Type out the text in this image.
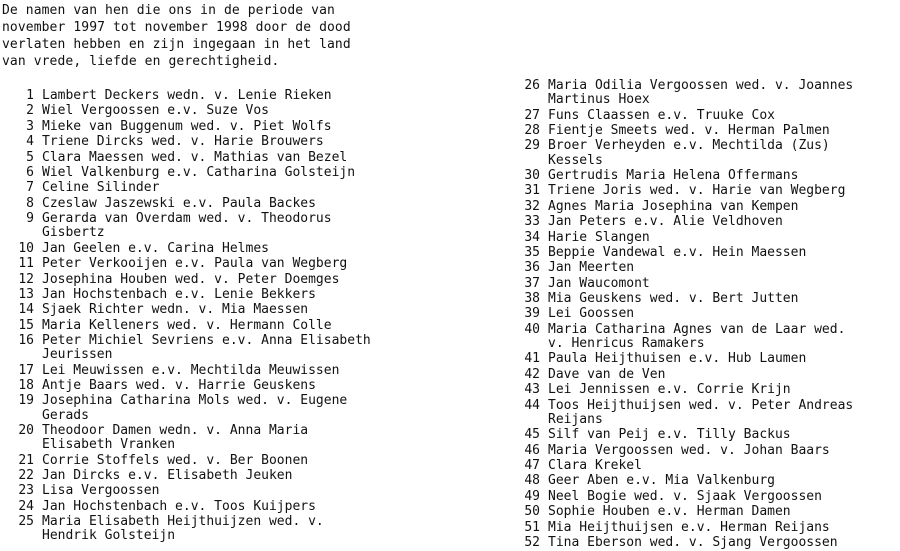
De namen van hen die ons in de periode van
november 1997 tot november 1998 door de dood
verlaten hebben en zijn ingegaan in het land
van vrede, liefde en gerechtigheid.
1 Lambert Deckers wedn. v. Lenie Rieken
2 Wiel Vergoossen e.v. Suze Vos
3 Mieke van Buggenum wed. v. Piet Wolfs
4 Triene Dircks wed. v. Harie Brouwers
5 Clara Maessen wed. v. Mathias van Bezel
6 Wiel Valkenburg e.v. Catharina Golsteijn
7 Celine Silinder
8 Czeslaw Jaszewski e.v. Paula Backes
9 Gerarda van Overdam wed. v. Theodorus
Gisbertz
10 Jan Geelen e.v. Carina Helmes
11 Peter Verkooijen e.v. Paula van Wegberg
12 Josephina Houben wed. v. Peter Doemges
13 Jan Hochstenbach e.v. Lenie Bekkers
14 Sjaek Richter wedn. v. Mia Maessen
15 Maria Kelleners wed. v. Hermann Colle
16 Peter Michiel Sevriens e.v. Anna Elisabeth
Jeurissen
17 Lei Meuwissen e.v. Mechtilda Meuwissen
18 Antje Baars wed. v. Harrie Geuskens
19 Josephina Catharina Mols wed. v. Eugene
Gerads
20 Theodoor Damen wedn. v. Anna Maria
Elisabeth Vranken
21 Corrie Stoffels wed. v. Ber Boonen
22 Jan Dircks e.v. Elisabeth Jeuken
23 Lisa Vergoossen
24 Jan Hochstenbach e.v. Toos Kuijpers
25 Maria Elisabeth Heijthuijzen wed. v.
Hendrik Golsteijn
26 Maria Odilia Vergoossen wed. v. Joannes
Martinus Hoex
27 Funs Claassen e.v. Truuke Cox
28 Fientje Smeets wed. v. Herman Palmen
29 Broer Verheyden e.v. Mechtilda (Zus)
Kessels
30 Gertrudis Maria Helena Offermans
31 Triene Joris wed. v. Harie van Wegberg
32 Agnes Maria Josephina van Kempen
33 Jan Peters e.v. Alie Veldhoven
34 Harie Slangen
35 Beppie Vandewal e.v. Hein Maessen
36 Jan Meerten
37 Jan Waucomont
38 Mia Geuskens wed. v. Bert Jutten
39 Lei Goossen
40 Maria Catharina Agnes van de Laar wed.
v. Henricus Ramakers
41 Paula Heijthuisen e.v. Hub Laumen
42 Dave van de Ven
43 Lei Jennissen e.v. Corrie Krijn
44 Toos Heijthuijsen wed. v. Peter Andreas
Reijans
45 Silf van Peij e.v. Tilly Backus
46 Maria Vergoossen wed. v. Johan Baars
47 Clara Krekel
48 Geer Aben e.v. Mia Valkenburg
49 Neel Bogie wed. v. Sjaak Vergoossen
50 Sophie Houben e.v. Herman Damen
51 Mia Heijthuijsen e.v. Herman Reijans
52 Tina Eberson wed. v. Sjang Vergoossen
